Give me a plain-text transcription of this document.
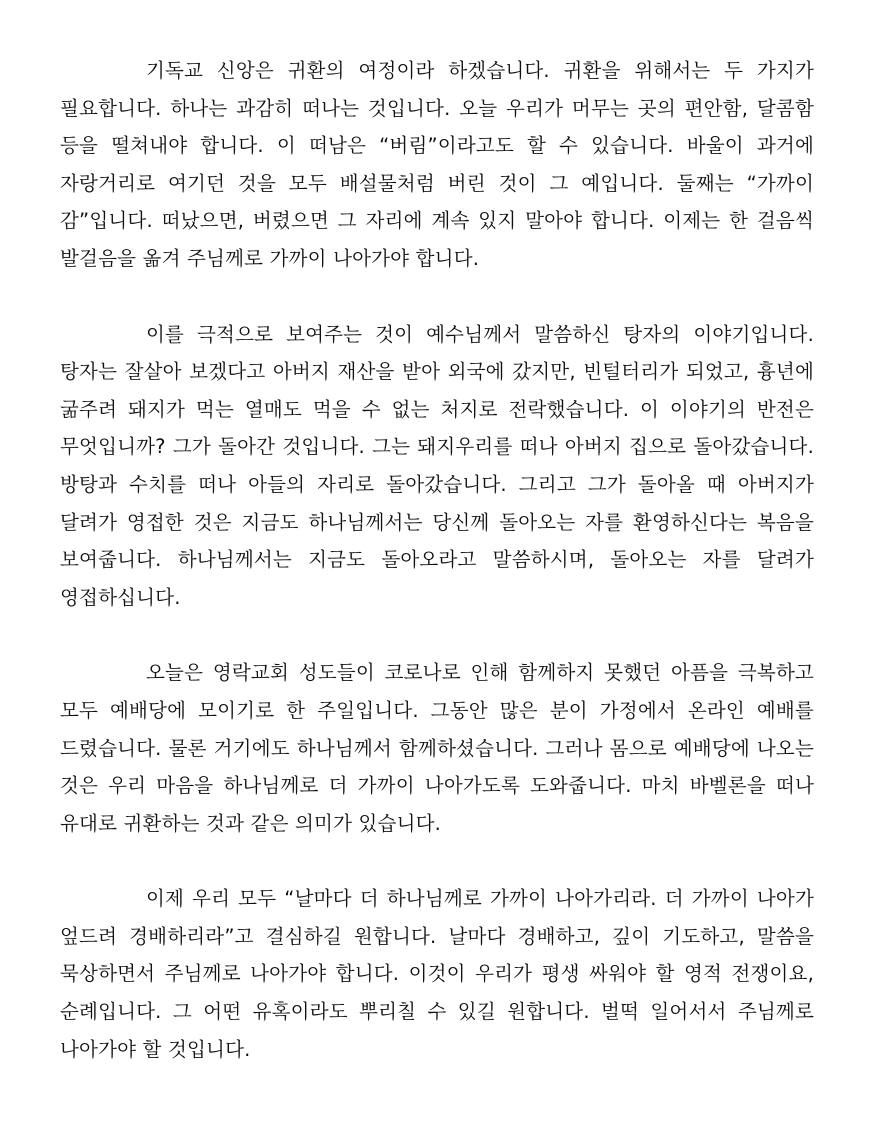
기독교 신앙은 귀환의 여정이라 하겠습니다. 귀환을 위해서는 두 가지가 필요합니다. 하나는 과감히 떠나는 것입니다. 오늘 우리가 머무는 곳의 편안함, 달콤함 등을 떨쳐내야 합니다. 이 떠남은 “버림”이라고도 할 수 있습니다. 바울이 과거에 자랑거리로 여기던 것을 모두 배설물처럼 버린 것이 그 예입니다. 둘째는 “가까이 감”입니다. 떠났으면, 버렸으면 그 자리에 계속 있지 말아야 합니다. 이제는 한 걸음씩 발걸음을 옮겨 주님께로 가까이 나아가야 합니다.

이를 극적으로 보여주는 것이 예수님께서 말씀하신 탕자의 이야기입니다. 탕자는 잘살아 보겠다고 아버지 재산을 받아 외국에 갔지만, 빈털터리가 되었고, 흉년에 굶주려 돼지가 먹는 열매도 먹을 수 없는 처지로 전락했습니다. 이 이야기의 반전은 무엇입니까? 그가 돌아간 것입니다. 그는 돼지우리를 떠나 아버지 집으로 돌아갔습니다. 방탕과 수치를 떠나 아들의 자리로 돌아갔습니다. 그리고 그가 돌아올 때 아버지가 달려가 영접한 것은 지금도 하나님께서는 당신께 돌아오는 자를 환영하신다는 복음을 보여줍니다. 하나님께서는 지금도 돌아오라고 말씀하시며, 돌아오는 자를 달려가 영접하십니다.

오늘은 영락교회 성도들이 코로나로 인해 함께하지 못했던 아픔을 극복하고 모두 예배당에 모이기로 한 주일입니다. 그동안 많은 분이 가정에서 온라인 예배를 드렸습니다. 물론 거기에도 하나님께서 함께하셨습니다. 그러나 몸으로 예배당에 나오는 것은 우리 마음을 하나님께로 더 가까이 나아가도록 도와줍니다. 마치 바벨론을 떠나 유대로 귀환하는 것과 같은 의미가 있습니다.

이제 우리 모두 “날마다 더 하나님께로 가까이 나아가리라. 더 가까이 나아가 엎드려 경배하리라”고 결심하길 원합니다. 날마다 경배하고, 깊이 기도하고, 말씀을 묵상하면서 주님께로 나아가야 합니다. 이것이 우리가 평생 싸워야 할 영적 전쟁이요, 순례입니다. 그 어떤 유혹이라도 뿌리칠 수 있길 원합니다. 벌떡 일어서서 주님께로 나아가야 할 것입니다.
